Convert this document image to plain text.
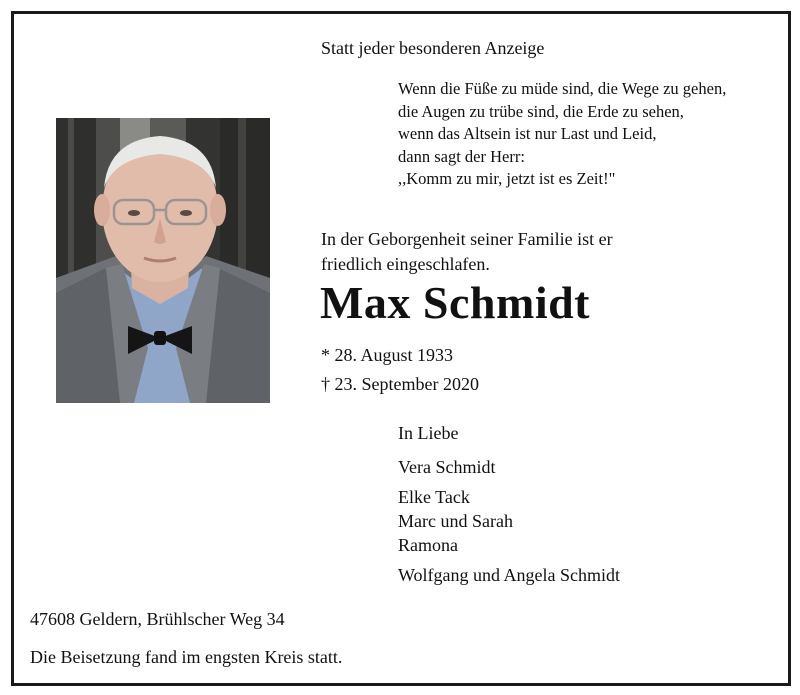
Statt jeder besonderen Anzeige

Wenn die Füße zu müde sind, die Wege zu gehen,
die Augen zu trübe sind, die Erde zu sehen,
wenn das Altsein ist nur Last und Leid,
dann sagt der Herr:
,,Komm zu mir, jetzt ist es Zeit!"
In der Geborgenheit seiner Familie ist er
friedlich eingeschlafen.
Max Schmidt

* 28. August 1933

† 23. September 2020

In Liebe

Vera Schmidt
Elke Tack
Marc und Sarah
Ramona
Wolfgang und Angela Schmidt

47608 Geldern, Brühlscher Weg 34

Die Beisetzung fand im engsten Kreis statt.
